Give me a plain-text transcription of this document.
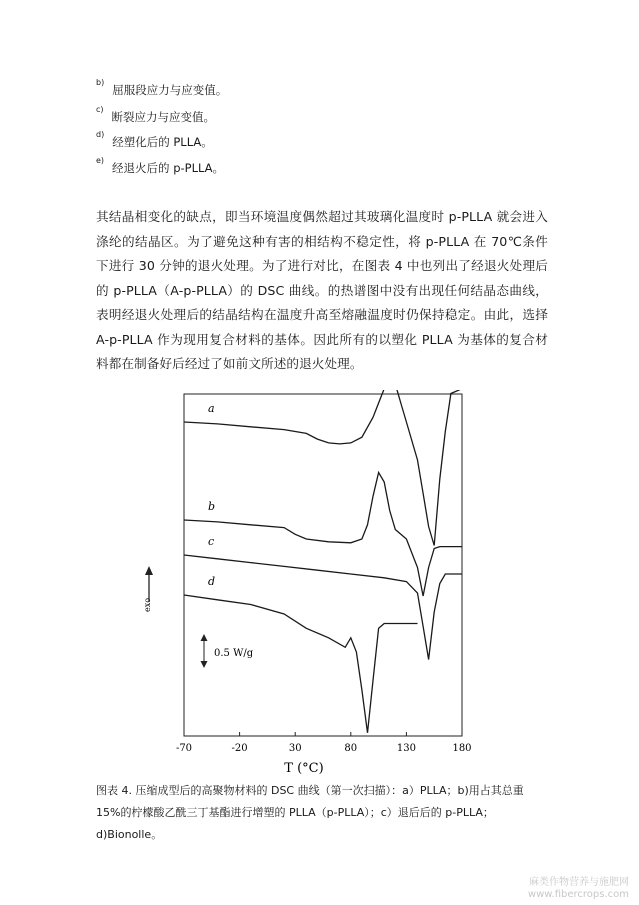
$^{b)}$屈服段应力与应变值。
$^{c)}$断裂应力与应变值。
$^{d)}$经塑化后的 PLLA。
$^{e)}$经退火后的 p-PLLA。
其结晶相变化的缺点，即当环境温度偶然超过其玻璃化温度时 p-PLLA 就会进入涤纶的结晶区。为了避免这种有害的相结构不稳定性，将 p-PLLA 在 70℃条件下进行 30 分钟的退火处理。为了进行对比，在图表 4 中也列出了经退火处理后的 p-PLLA（A-p-PLLA）的 DSC 曲线。的热谱图中没有出现任何结晶态曲线，表明经退火处理后的结晶结构在温度升高至熔融温度时仍保持稳定。由此，选择 A-p-PLLA 作为现用复合材料的基体。因此所有的以塑化 PLLA 为基体的复合材料都在制备好后经过了如前文所述的退火处理。
a
b
c
d
-70	-20	30	80	130	180
T (°C)
exo
0.5 W/g
图表 4. 压缩成型后的高聚物材料的 DSC 曲线（第一次扫描）：a）PLLA；b)用占其总重
15%的柠檬酸乙酰三丁基酯进行增塑的 PLLA（p-PLLA）；c）退后后的 p-PLLA；d)Bionolle。
麻类作物营养与施肥网
www.fibercrops.com
